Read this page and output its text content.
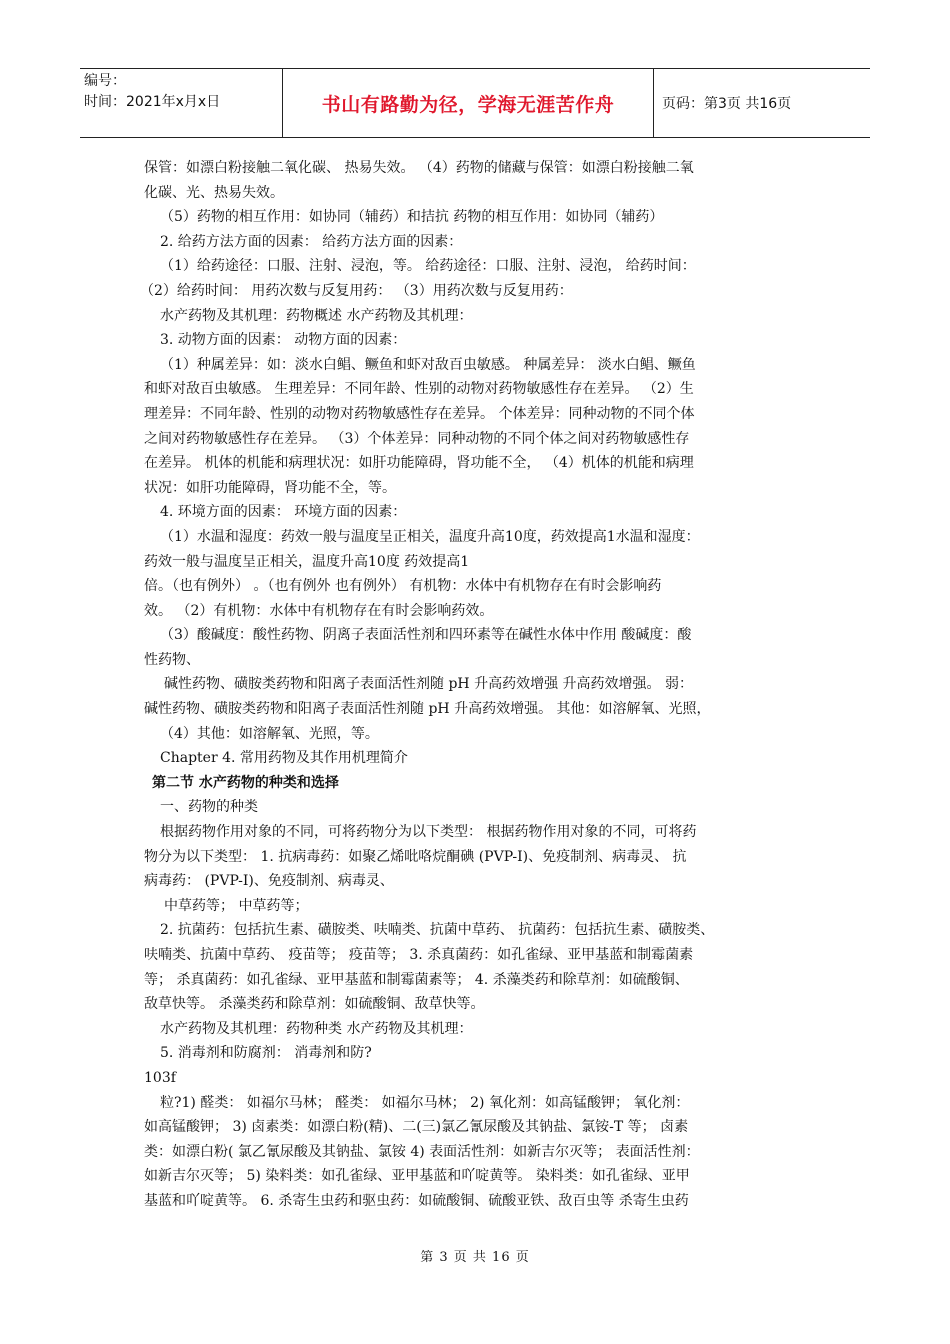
编号：
时间：2021年x月x日	书山有路勤为径，学海无涯苦作舟	页码：第3页 共16页
保管：如漂白粉接触二氧化碳、 热易失效。 （4）药物的储藏与保管：如漂白粉接触二氧
化碳、光、热易失效。
（5）药物的相互作用：如协同（辅药）和拮抗 药物的相互作用：如协同（辅药）
2. 给药方法方面的因素： 给药方法方面的因素：
（1）给药途径：口服、注射、浸泡，等。 给药途径：口服、注射、浸泡， 给药时间：
（2）给药时间： 用药次数与反复用药： （3）用药次数与反复用药：
水产药物及其机理：药物概述 水产药物及其机理：
3. 动物方面的因素： 动物方面的因素：
（1）种属差异：如：淡水白鲳、鳜鱼和虾对敌百虫敏感。 种属差异： 淡水白鲳、鳜鱼
和虾对敌百虫敏感。 生理差异：不同年龄、性别的动物对药物敏感性存在差异。 （2）生
理差异：不同年龄、性别的动物对药物敏感性存在差异。 个体差异：同种动物的不同个体
之间对药物敏感性存在差异。 （3）个体差异：同种动物的不同个体之间对药物敏感性存
在差异。 机体的机能和病理状况：如肝功能障碍，肾功能不全， （4）机体的机能和病理
状况：如肝功能障碍，肾功能不全，等。
4. 环境方面的因素： 环境方面的因素：
（1）水温和湿度：药效一般与温度呈正相关，温度升高10度，药效提高1水温和湿度：
药效一般与温度呈正相关，温度升高10度 药效提高1
倍。（也有例外） 。（也有例外 也有例外） 有机物：水体中有机物存在有时会影响药
效。 （2）有机物：水体中有机物存在有时会影响药效。
（3）酸碱度：酸性药物、阴离子表面活性剂和四环素等在碱性水体中作用 酸碱度：酸
性药物、
碱性药物、磺胺类药物和阳离子表面活性剂随 pH 升高药效增强 升高药效增强。 弱：
碱性药物、磺胺类药物和阳离子表面活性剂随 pH 升高药效增强。 其他：如溶解氧、光照，
（4）其他：如溶解氧、光照，等。
Chapter 4. 常用药物及其作用机理简介
第二节 水产药物的种类和选择
一、药物的种类
根据药物作用对象的不同，可将药物分为以下类型： 根据药物作用对象的不同，可将药
物分为以下类型： 1. 抗病毒药：如聚乙烯吡咯烷酮碘 (PVP-I)、免疫制剂、病毒灵、 抗
病毒药： (PVP-I)、免疫制剂、病毒灵、
中草药等； 中草药等；
2. 抗菌药：包括抗生素、磺胺类、呋喃类、抗菌中草药、 抗菌药：包括抗生素、磺胺类、
呋喃类、抗菌中草药、 疫苗等； 疫苗等； 3. 杀真菌药：如孔雀绿、亚甲基蓝和制霉菌素
等； 杀真菌药：如孔雀绿、亚甲基蓝和制霉菌素等； 4. 杀藻类药和除草剂：如硫酸铜、
敌草快等。 杀藻类药和除草剂：如硫酸铜、敌草快等。
水产药物及其机理：药物种类 水产药物及其机理：
5. 消毒剂和防腐剂： 消毒剂和防?
103f
粒?1) 醛类： 如福尔马林； 醛类： 如福尔马林； 2) 氧化剂：如高锰酸钾； 氧化剂：
如高锰酸钾； 3) 卤素类：如漂白粉(精)、二(三)氯乙氰尿酸及其钠盐、氯铵-T 等； 卤素
类：如漂白粉( 氯乙氰尿酸及其钠盐、氯铵 4) 表面活性剂：如新吉尔灭等； 表面活性剂：
如新吉尔灭等； 5) 染料类：如孔雀绿、亚甲基蓝和吖啶黄等。 染料类：如孔雀绿、亚甲
基蓝和吖啶黄等。 6. 杀寄生虫药和驱虫药：如硫酸铜、硫酸亚铁、敌百虫等 杀寄生虫药
第 3 页 共 16 页
